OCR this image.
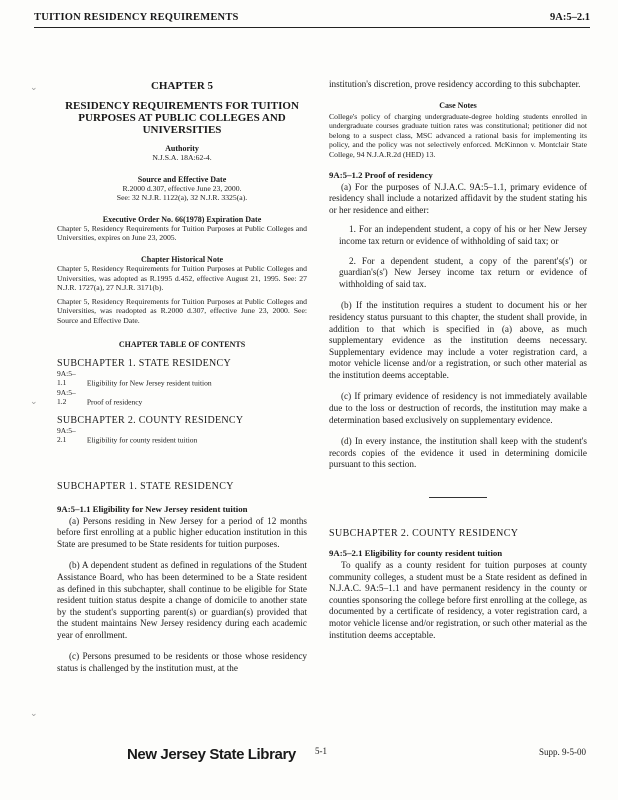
TUITION RESIDENCY REQUIREMENTS	9A:5–2.1
⌄
⌄
⌄
CHAPTER 5
RESIDENCY REQUIREMENTS FOR TUITION PURPOSES AT PUBLIC COLLEGES AND UNIVERSITIES
Authority
N.J.S.A. 18A:62-4.
Source and Effective Date
R.2000 d.307, effective June 23, 2000.
See: 32 N.J.R. 1122(a), 32 N.J.R. 3325(a).
Executive Order No. 66(1978) Expiration Date
Chapter 5, Residency Requirements for Tuition Purposes at Public Colleges and Universities, expires on June 23, 2005.
Chapter Historical Note
Chapter 5, Residency Requirements for Tuition Purposes at Public Colleges and Universities, was adopted as R.1995 d.452, effective August 21, 1995. See: 27 N.J.R. 1727(a), 27 N.J.R. 3171(b).
Chapter 5, Residency Requirements for Tuition Purposes at Public Colleges and Universities, was readopted as R.2000 d.307, effective June 23, 2000. See: Source and Effective Date.
CHAPTER TABLE OF CONTENTS
SUBCHAPTER 1. STATE RESIDENCY
9A:5–1.1	Eligibility for New Jersey resident tuition
9A:5–1.2	Proof of residency
SUBCHAPTER 2. COUNTY RESIDENCY
9A:5–2.1	Eligibility for county resident tuition
SUBCHAPTER 1. STATE RESIDENCY
9A:5–1.1 Eligibility for New Jersey resident tuition
(a) Persons residing in New Jersey for a period of 12 months before first enrolling at a public higher education institution in this State are presumed to be State residents for tuition purposes.
(b) A dependent student as defined in regulations of the Student Assistance Board, who has been determined to be a State resident as defined in this subchapter, shall continue to be eligible for State resident tuition status despite a change of domicile to another state by the student's supporting parent(s) or guardian(s) provided that the student maintains New Jersey residency during each academic year of enrollment.
(c) Persons presumed to be residents or those whose residency status is challenged by the institution must, at the
institution's discretion, prove residency according to this subchapter.
Case Notes
College's policy of charging undergraduate-degree holding students enrolled in undergraduate courses graduate tuition rates was constitutional; petitioner did not belong to a suspect class, MSC advanced a rational basis for implementing its policy, and the policy was not selectively enforced. McKinnon v. Montclair State College, 94 N.J.A.R.2d (HED) 13.
9A:5–1.2 Proof of residency
(a) For the purposes of N.J.A.C. 9A:5–1.1, primary evidence of residency shall include a notarized affidavit by the student stating his or her residence and either:
1. For an independent student, a copy of his or her New Jersey income tax return or evidence of withholding of said tax; or
2. For a dependent student, a copy of the parent's(s') or guardian's(s') New Jersey income tax return or evidence of withholding of said tax.
(b) If the institution requires a student to document his or her residency status pursuant to this chapter, the student shall provide, in addition to that which is specified in (a) above, as much supplementary evidence as the institution deems necessary. Supplementary evidence may include a voter registration card, a motor vehicle license and/or a registration, or such other material as the institution deems acceptable.
(c) If primary evidence of residency is not immediately available due to the loss or destruction of records, the institution may make a determination based exclusively on supplementary evidence.
(d) In every instance, the institution shall keep with the student's records copies of the evidence it used in determining domicile pursuant to this section.
SUBCHAPTER 2. COUNTY RESIDENCY
9A:5–2.1 Eligibility for county resident tuition
To qualify as a county resident for tuition purposes at county community colleges, a student must be a State resident as defined in N.J.A.C. 9A:5–1.1 and have permanent residency in the county or counties sponsoring the college before first enrolling at the college, as documented by a certificate of residency, a voter registration card, a motor vehicle license and/or registration, or such other material as the institution deems acceptable.
New Jersey State Library 5-1	Supp. 9-5-00
